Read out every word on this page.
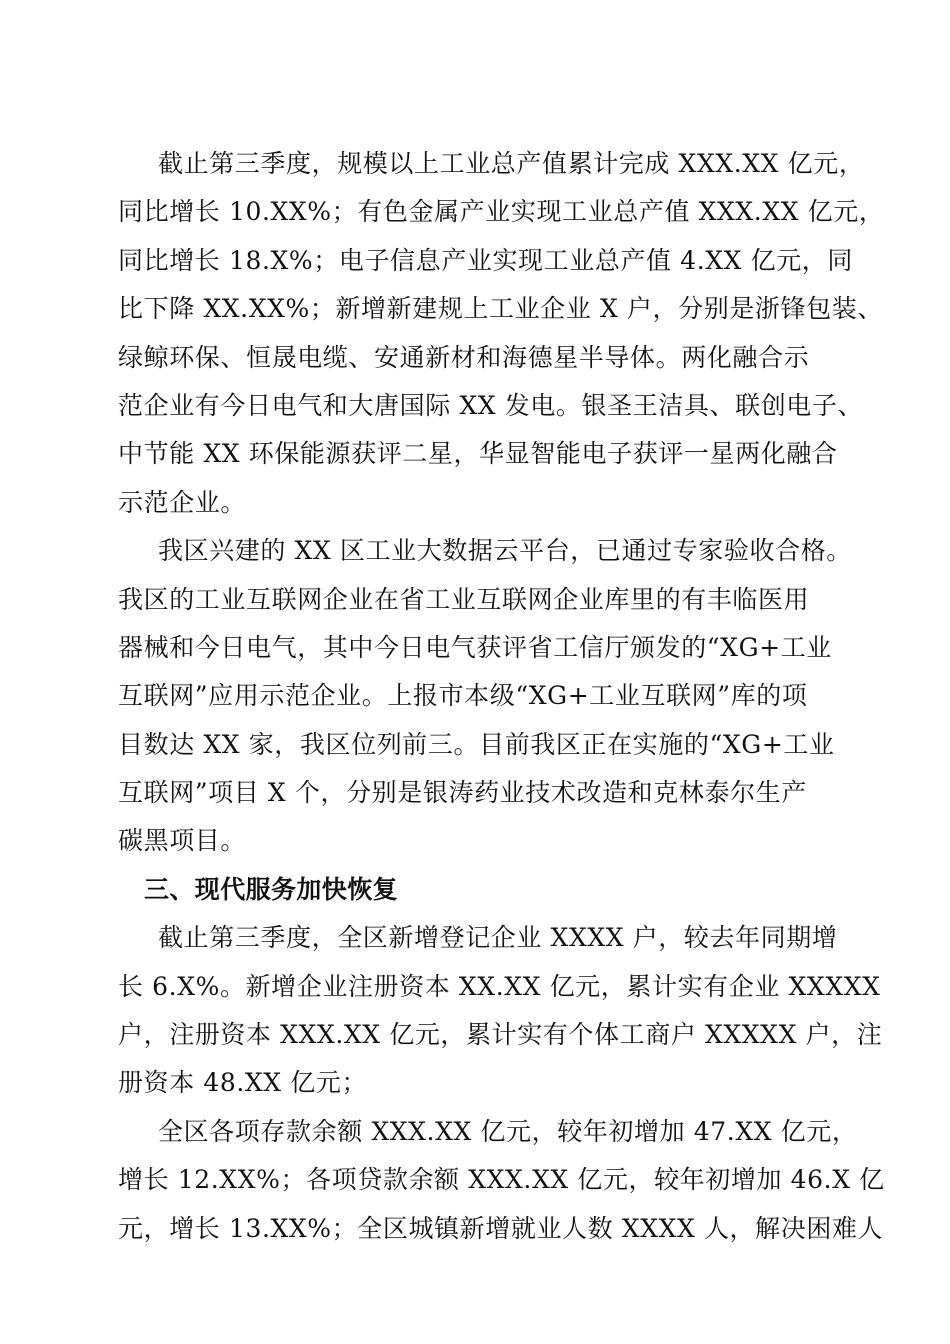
截止第三季度，规模以上工业总产值累计完成 XXX.XX 亿元，
同比增长 10.XX%；有色金属产业实现工业总产值 XXX.XX 亿元，
同比增长 18.X%；电子信息产业实现工业总产值 4.XX 亿元，同
比下降 XX.XX%；新增新建规上工业企业 X 户，分别是浙锋包装、
绿鲸环保、恒晟电缆、安通新材和海德星半导体。两化融合示
范企业有今日电气和大唐国际 XX 发电。银圣王洁具、联创电子、
中节能 XX 环保能源获评二星，华显智能电子获评一星两化融合
示范企业。
我区兴建的 XX 区工业大数据云平台，已通过专家验收合格。
我区的工业互联网企业在省工业互联网企业库里的有丰临医用
器械和今日电气，其中今日电气获评省工信厅颁发的“XG+工业
互联网”应用示范企业。上报市本级“XG+工业互联网”库的项
目数达 XX 家，我区位列前三。目前我区正在实施的“XG+工业
互联网”项目 X 个，分别是银涛药业技术改造和克林泰尔生产
碳黑项目。
三、现代服务加快恢复
截止第三季度，全区新增登记企业 XXXX 户，较去年同期增
长 6.X%。新增企业注册资本 XX.XX 亿元，累计实有企业 XXXXX
户，注册资本 XXX.XX 亿元，累计实有个体工商户 XXXXX 户，注
册资本 48.XX 亿元；
全区各项存款余额 XXX.XX 亿元，较年初增加 47.XX 亿元，
增长 12.XX%；各项贷款余额 XXX.XX 亿元，较年初增加 46.X 亿
元，增长 13.XX%；全区城镇新增就业人数 XXXX 人，解决困难人
